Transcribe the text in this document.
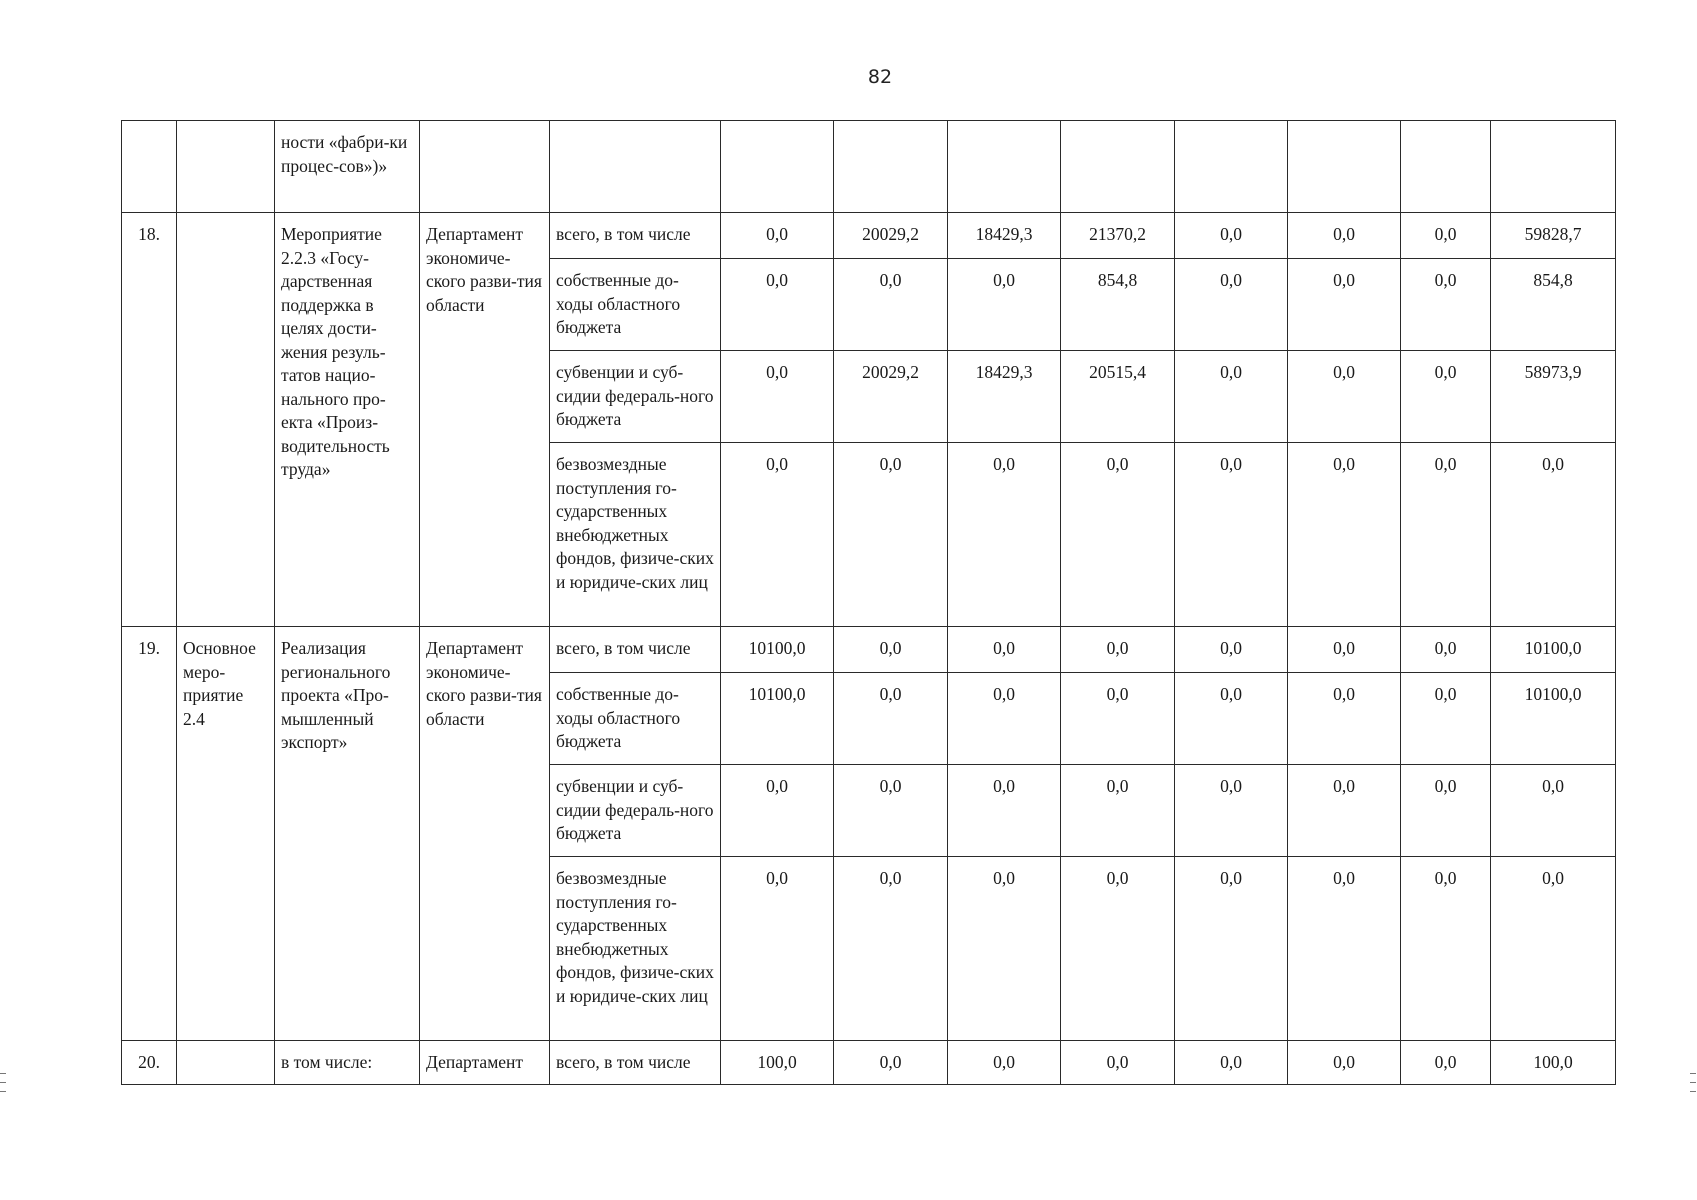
82
		ности «фабри-ки процес-сов»)»										
18.		Мероприятие 2.2.3 «Госу-дарственная поддержка в целях дости-жения резуль-татов нацио-нального про-екта «Произ-водительность труда»	Департамент экономиче-ского разви-тия области	всего, в том числе	0,0	20029,2	18429,3	21370,2	0,0	0,0	0,0	59828,7
				собственные до-ходы областного бюджета	0,0	0,0	0,0	854,8	0,0	0,0	0,0	854,8
				субвенции и суб-сидии федераль-ного бюджета	0,0	20029,2	18429,3	20515,4	0,0	0,0	0,0	58973,9
				безвозмездные поступления го-сударственных внебюджетных фондов, физиче-ских и юридиче-ских лиц	0,0	0,0	0,0	0,0	0,0	0,0	0,0	0,0
19.	Основное меро-приятие 2.4	Реализация регионального проекта «Про-мышленный экспорт»	Департамент экономиче-ского разви-тия области	всего, в том числе	10100,0	0,0	0,0	0,0	0,0	0,0	0,0	10100,0
				собственные до-ходы областного бюджета	10100,0	0,0	0,0	0,0	0,0	0,0	0,0	10100,0
				субвенции и суб-сидии федераль-ного бюджета	0,0	0,0	0,0	0,0	0,0	0,0	0,0	0,0
				безвозмездные поступления го-сударственных внебюджетных фондов, физиче-ских и юридиче-ских лиц	0,0	0,0	0,0	0,0	0,0	0,0	0,0	0,0
20.		в том числе:	Департамент	всего, в том числе	100,0	0,0	0,0	0,0	0,0	0,0	0,0	100,0
